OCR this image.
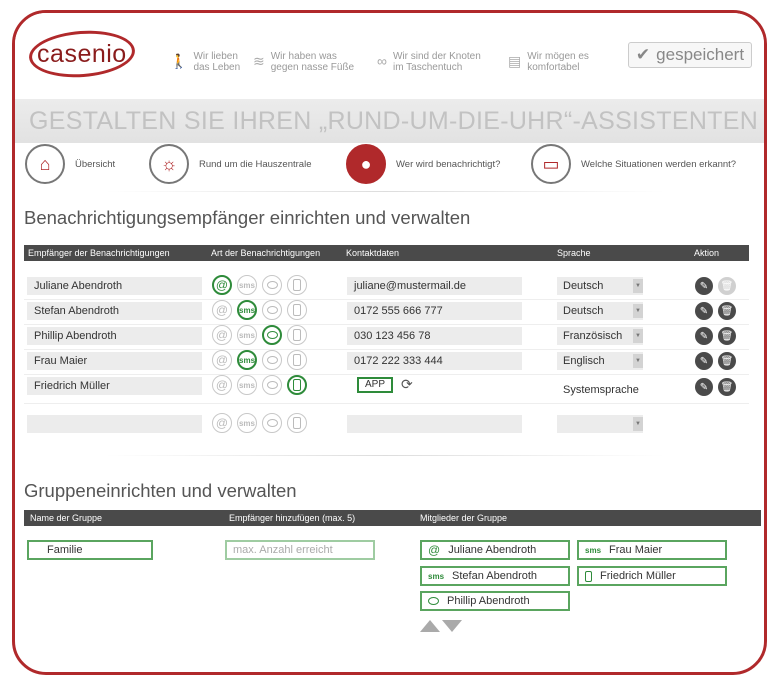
casenio	🚶 Wir lieben
das Leben ≋ Wir haben was
gegen nasse Füße ∞ Wir sind der Knoten
im Taschentuch	▤ Wir mögen es
komfortabel
✔ gespeichert
GESTALTEN SIE IHREN „RUND-UM-DIE-UHR“-ASSISTENTEN
⌂	Übersicht	☼	Rund um die Hauszentrale	●	Wer wird benachrichtigt?	▭	Welche Situationen werden erkannt?
Benachrichtigungsempfänger einrichten und verwalten
Empfänger der Benachrichtigungen	Art der Benachrichtigungen	Kontaktdaten	Sprache	Aktion
Juliane Abendroth	@	sms	juliane@mustermail.de	Deutsch	▼	✎	🗑
Stefan Abendroth	@	sms	0172 555 666 777	Deutsch	▼	✎	🗑
Phillip Abendroth	@	sms	030 123 456 78	Französisch	▼	✎	🗑
Frau Maier	@	sms	0172 222 333 444	Englisch	▼	✎	🗑
Friedrich Müller	@	sms	APP	⟳	Systemsprache	✎	🗑
@	sms	▼
Gruppeneinrichten und verwalten
Name der Gruppe	Empfänger hinzufügen (max. 5)	Mitglieder der Gruppe
Familie	max. Anzahl erreicht	@ Juliane Abendroth	sms Frau Maier
sms Stefan Abendroth	Friedrich Müller
Phillip Abendroth
